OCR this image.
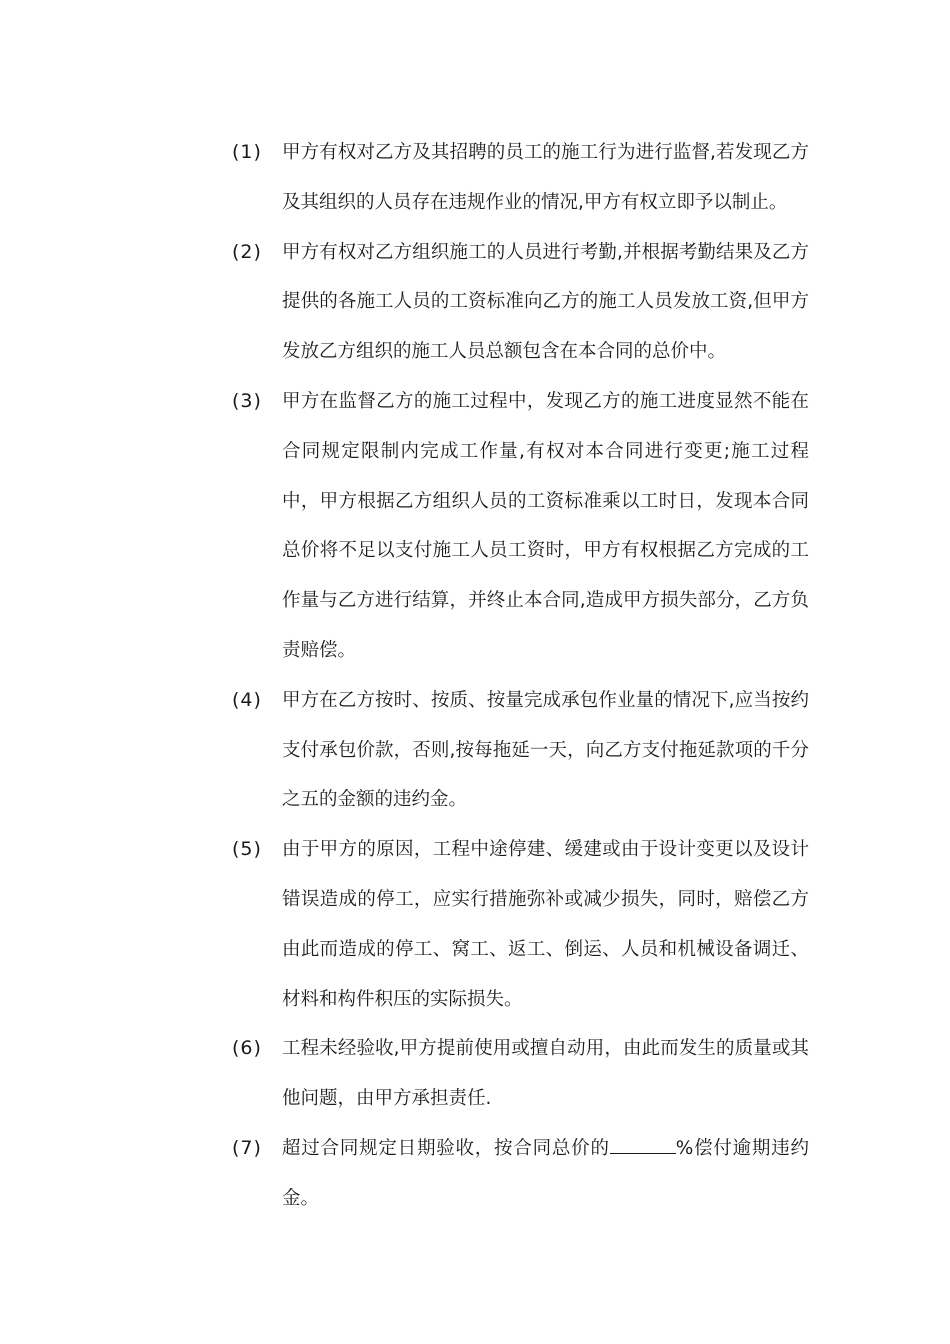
(1)	甲方有权对乙方及其招聘的员工的施工行为进行监督,若发现乙方及其组织的人员存在违规作业的情况,甲方有权立即予以制止。
(2)	甲方有权对乙方组织施工的人员进行考勤,并根据考勤结果及乙方提供的各施工人员的工资标准向乙方的施工人员发放工资,但甲方发放乙方组织的施工人员总额包含在本合同的总价中。
(3)	甲方在监督乙方的施工过程中，发现乙方的施工进度显然不能在合同规定限制内完成工作量,有权对本合同进行变更;施工过程中，甲方根据乙方组织人员的工资标准乘以工时日，发现本合同总价将不足以支付施工人员工资时，甲方有权根据乙方完成的工作量与乙方进行结算，并终止本合同,造成甲方损失部分，乙方负责赔偿。
(4)	甲方在乙方按时、按质、按量完成承包作业量的情况下,应当按约支付承包价款，否则,按每拖延一天，向乙方支付拖延款项的千分之五的金额的违约金。
(5)	由于甲方的原因，工程中途停建、缓建或由于设计变更以及设计错误造成的停工，应实行措施弥补或减少损失，同时，赔偿乙方由此而造成的停工、窝工、返工、倒运、人员和机械设备调迁、材料和构件积压的实际损失。
(6)	工程未经验收,甲方提前使用或擅自动用，由此而发生的质量或其他问题，由甲方承担责任.
(7)	超过合同规定日期验收，按合同总价的	%偿付逾期违约金。
